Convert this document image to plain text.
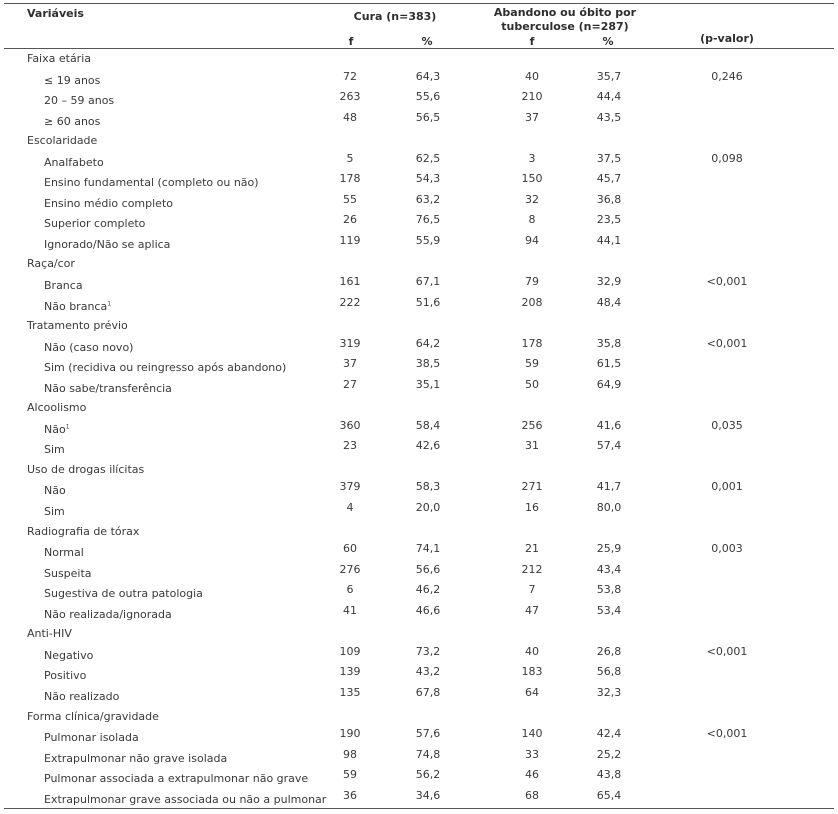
Variáveis	Cura (n=383)	Abandono ou óbito por
tuberculose (n=287)
f	%	f	%	(p-valor)
Faixa etária
≤ 19 anos	72	64,3	40	35,7	0,246
20 – 59 anos	263	55,6	210	44,4
≥ 60 anos	48	56,5	37	43,5
Escolaridade
Analfabeto	5	62,5	3	37,5	0,098
Ensino fundamental (completo ou não)	178	54,3	150	45,7
Ensino médio completo	55	63,2	32	36,8
Superior completo	26	76,5	8	23,5
Ignorado/Não se aplica	119	55,9	94	44,1
Raça/cor
Branca	161	67,1	79	32,9	<0,001
Não branca$^1$	222	51,6	208	48,4
Tratamento prévio
Não (caso novo)	319	64,2	178	35,8	<0,001
Sim (recidiva ou reingresso após abandono)	37	38,5	59	61,5
Não sabe/transferência	27	35,1	50	64,9
Alcoolismo
Não$^1$	360	58,4	256	41,6	0,035
Sim	23	42,6	31	57,4
Uso de drogas ilícitas
Não	379	58,3	271	41,7	0,001
Sim	4	20,0	16	80,0
Radiografia de tórax
Normal	60	74,1	21	25,9	0,003
Suspeita	276	56,6	212	43,4
Sugestiva de outra patologia	6	46,2	7	53,8
Não realizada/ignorada	41	46,6	47	53,4
Anti-HIV
Negativo	109	73,2	40	26,8	<0,001
Positivo	139	43,2	183	56,8
Não realizado	135	67,8	64	32,3
Forma clínica/gravidade
Pulmonar isolada	190	57,6	140	42,4	<0,001
Extrapulmonar não grave isolada	98	74,8	33	25,2
Pulmonar associada a extrapulmonar não grave	59	56,2	46	43,8
Extrapulmonar grave associada ou não a pulmonar 36	34,6	68	65,4
